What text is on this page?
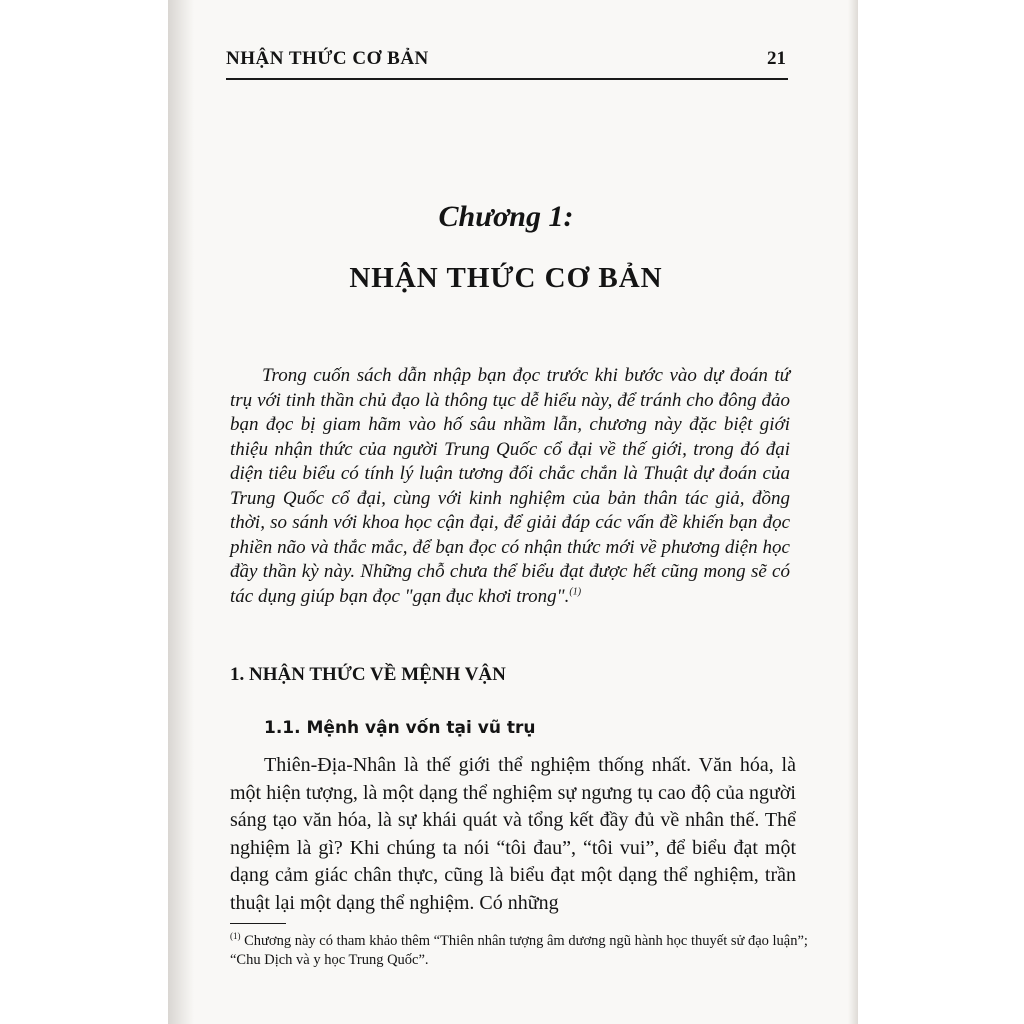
NHẬN THỨC CƠ BẢN	21
Chương 1:
NHẬN THỨC CƠ BẢN

Trong cuốn sách dẫn nhập bạn đọc trước khi bước vào dự đoán tứ trụ với tinh thần chủ đạo là thông tục dễ hiểu này, để tránh cho đông đảo bạn đọc bị giam hãm vào hố sâu nhầm lẫn, chương này đặc biệt giới thiệu nhận thức của người Trung Quốc cổ đại về thế giới, trong đó đại diện tiêu biểu có tính lý luận tương đối chắc chắn là Thuật dự đoán của Trung Quốc cổ đại, cùng với kinh nghiệm của bản thân tác giả, đồng thời, so sánh với khoa học cận đại, để giải đáp các vấn đề khiến bạn đọc phiền não và thắc mắc, để bạn đọc có nhận thức mới về phương diện học đầy thần kỳ này. Những chỗ chưa thể biểu đạt được hết cũng mong sẽ có tác dụng giúp bạn đọc "gạn đục khơi trong".$^{(1)}$

1. NHẬN THỨC VỀ MỆNH VẬN
1.1. Mệnh vận vốn tại vũ trụ

Thiên-Địa-Nhân là thế giới thể nghiệm thống nhất. Văn hóa, là một hiện tượng, là một dạng thể nghiệm sự ngưng tụ cao độ của người sáng tạo văn hóa, là sự khái quát và tổng kết đầy đủ về nhân thế. Thể nghiệm là gì? Khi chúng ta nói “tôi đau”, “tôi vui”, để biểu đạt một dạng cảm giác chân thực, cũng là biểu đạt một dạng thể nghiệm, trần thuật lại một dạng thể nghiệm. Có những

$^{(1)}$ Chương này có tham khảo thêm “Thiên nhân tượng âm dương ngũ hành học thuyết sử đạo luận”; “Chu Dịch và y học Trung Quốc”.
